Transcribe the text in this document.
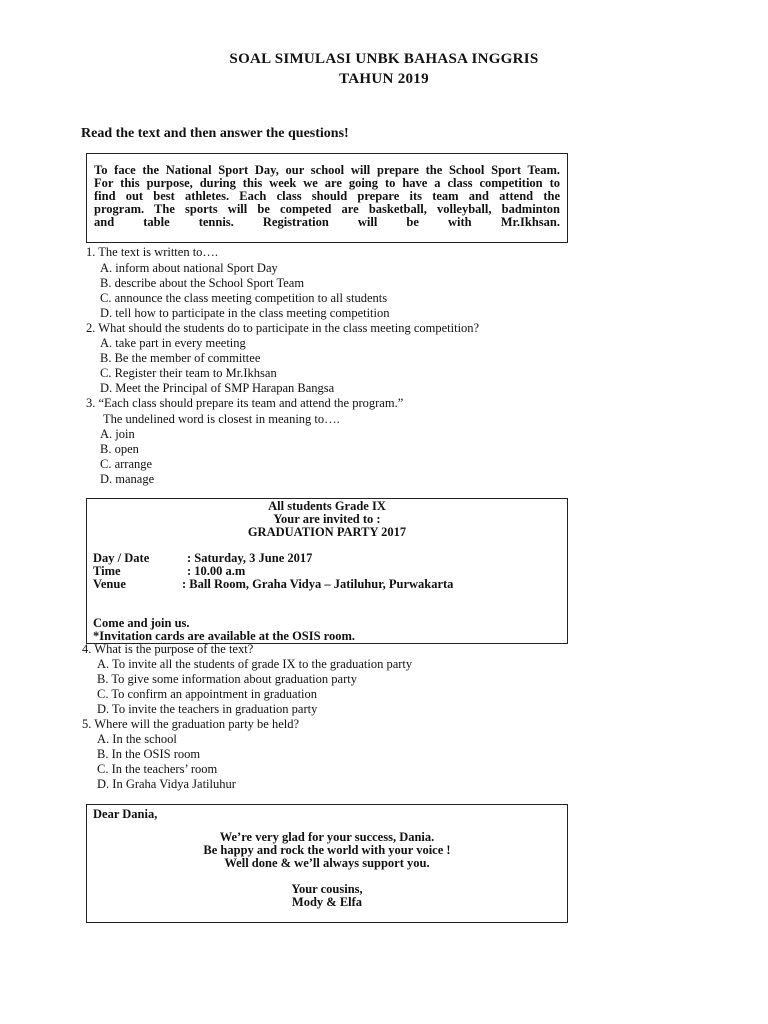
SOAL SIMULASI UNBK BAHASA INGGRIS
TAHUN 2019
Read the text and then answer the questions!
To face the National Sport Day, our school will prepare the School Sport Team.
For this purpose, during this week we are going to have a class competition to
find out best athletes. Each class should prepare its team and attend the
program. The sports will be competed are basketball, volleyball, badminton
and table tennis. Registration will be with Mr.Ikhsan.
1. The text is written to….
A. inform about national Sport Day
B. describe about the School Sport Team
C. announce the class meeting competition to all students
D. tell how to participate in the class meeting competition
2. What should the students do to participate in the class meeting competition?
A. take part in every meeting
B. Be the member of committee
C. Register their team to Mr.Ikhsan
D. Meet the Principal of SMP Harapan Bangsa
3. “Each class should prepare its team and attend the program.”
The undelined word is closest in meaning to….
A. join
B. open
C. arrange
D. manage
All students Grade IX
Your are invited to :
GRADUATION PARTY 2017
Day / Date	: Saturday, 3 June 2017
Time	: 10.00 a.m
Venue	: Ball Room, Graha Vidya – Jatiluhur, Purwakarta
Come and join us.
*Invitation cards are available at the OSIS room.
4. What is the purpose of the text?
A. To invite all the students of grade IX to the graduation party
B. To give some information about graduation party
C. To confirm an appointment in graduation
D. To invite the teachers in graduation party
5. Where will the graduation party be held?
A. In the school
B. In the OSIS room
C. In the teachers’ room
D. In Graha Vidya Jatiluhur
Dear Dania,
We’re very glad for your success, Dania.
Be happy and rock the world with your voice !
Well done & we’ll always support you.
Your cousins,
Mody & Elfa
